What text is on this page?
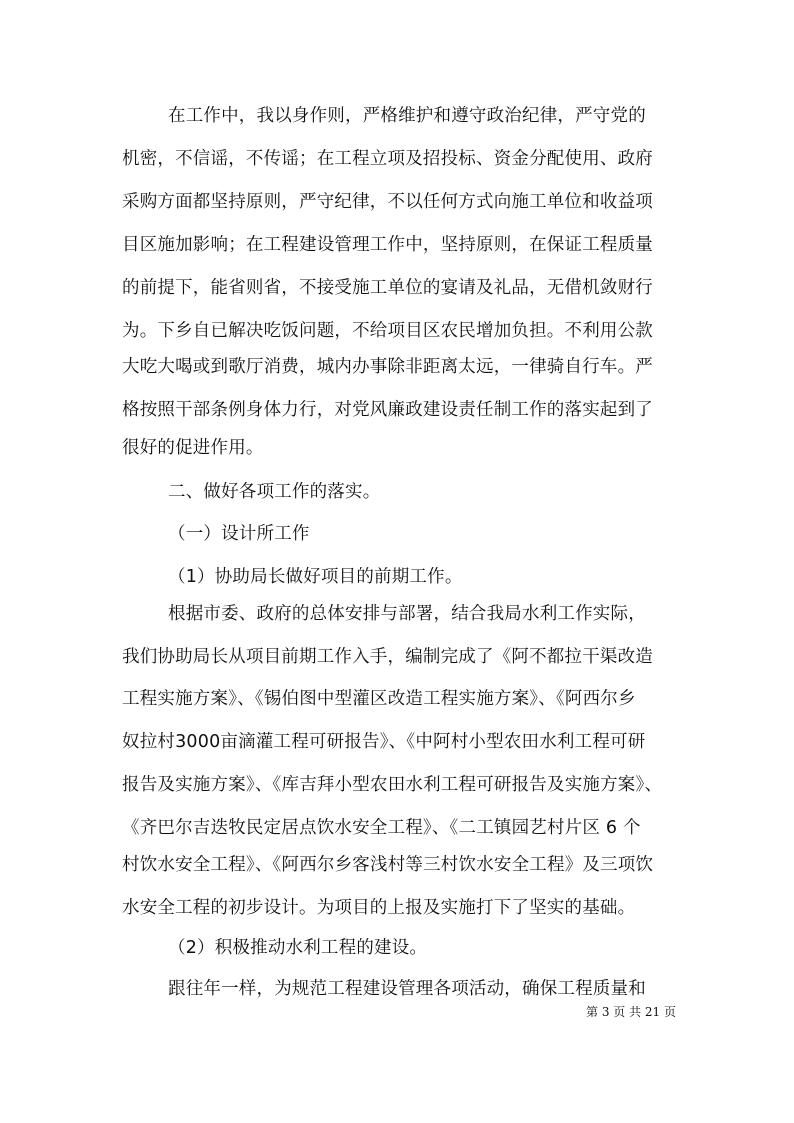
在工作中，我以身作则，严格维护和遵守政治纪律，严守党的
机密，不信谣，不传谣；在工程立项及招投标、资金分配使用、政府
采购方面都坚持原则，严守纪律，不以任何方式向施工单位和收益项
目区施加影响；在工程建设管理工作中，坚持原则，在保证工程质量
的前提下，能省则省，不接受施工单位的宴请及礼品，无借机敛财行
为。下乡自已解决吃饭问题，不给项目区农民增加负担。不利用公款
大吃大喝或到歌厅消费，城内办事除非距离太远，一律骑自行车。严
格按照干部条例身体力行，对党风廉政建设责任制工作的落实起到了
很好的促进作用。
二、做好各项工作的落实。
（一）设计所工作
（1）协助局长做好项目的前期工作。
根据市委、政府的总体安排与部署，结合我局水利工作实际，
我们协助局长从项目前期工作入手，编制完成了《阿不都拉干渠改造
工程实施方案》、《锡伯图中型灌区改造工程实施方案》、《阿西尔乡
奴拉村3000亩滴灌工程可研报告》、《中阿村小型农田水利工程可研
报告及实施方案》、《库吉拜小型农田水利工程可研报告及实施方案》、
《齐巴尔吉迭牧民定居点饮水安全工程》、《二工镇园艺村片区 6 个
村饮水安全工程》、《阿西尔乡客浅村等三村饮水安全工程》及三项饮
水安全工程的初步设计。为项目的上报及实施打下了坚实的基础。
（2）积极推动水利工程的建设。
跟往年一样，为规范工程建设管理各项活动，确保工程质量和
第 3 页 共 21 页
